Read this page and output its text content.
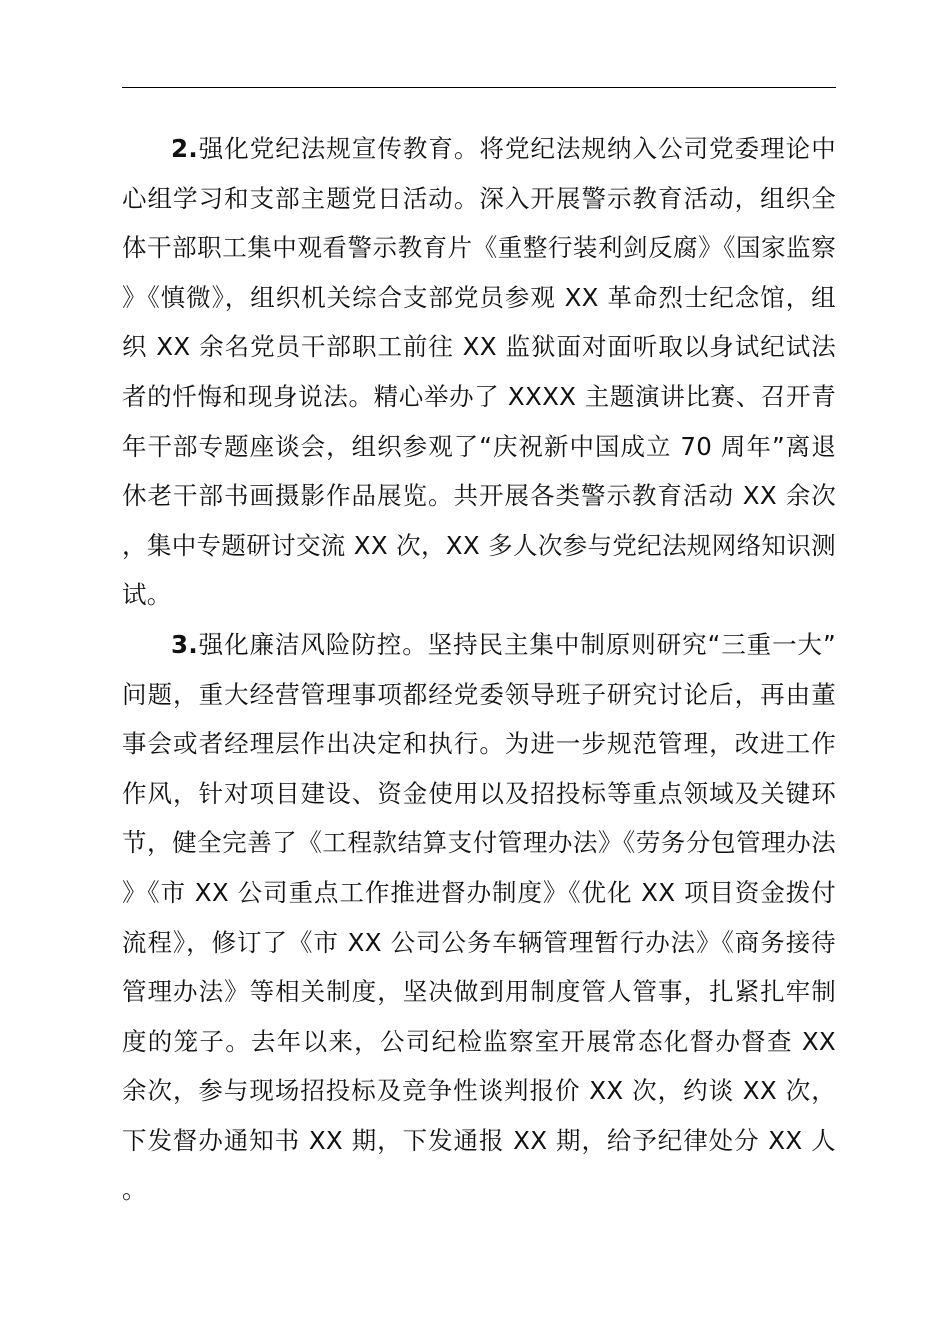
2.强化党纪法规宣传教育。将党纪法规纳入公司党委理论中心组学习和支部主题党日活动。深入开展警示教育活动，组织全体干部职工集中观看警示教育片《重整行装利剑反腐》《国家监察》《慎微》，组织机关综合支部党员参观 XX 革命烈士纪念馆，组织 XX 余名党员干部职工前往 XX 监狱面对面听取以身试纪试法者的忏悔和现身说法。精心举办了 XXXX 主题演讲比赛、召开青年干部专题座谈会，组织参观了“庆祝新中国成立 70 周年”离退休老干部书画摄影作品展览。共开展各类警示教育活动 XX 余次，集中专题研讨交流 XX 次，XX 多人次参与党纪法规网络知识测试。

3.强化廉洁风险防控。坚持民主集中制原则研究“三重一大”问题，重大经营管理事项都经党委领导班子研究讨论后，再由董事会或者经理层作出决定和执行。为进一步规范管理，改进工作作风，针对项目建设、资金使用以及招投标等重点领域及关键环节，健全完善了《工程款结算支付管理办法》《劳务分包管理办法》《市 XX 公司重点工作推进督办制度》《优化 XX 项目资金拨付流程》，修订了《市 XX 公司公务车辆管理暂行办法》《商务接待管理办法》等相关制度，坚决做到用制度管人管事，扎紧扎牢制度的笼子。去年以来，公司纪检监察室开展常态化督办督查 XX 余次，参与现场招投标及竞争性谈判报价 XX 次，约谈 XX 次，下发督办通知书 XX 期，下发通报 XX 期，给予纪律处分 XX 人。
